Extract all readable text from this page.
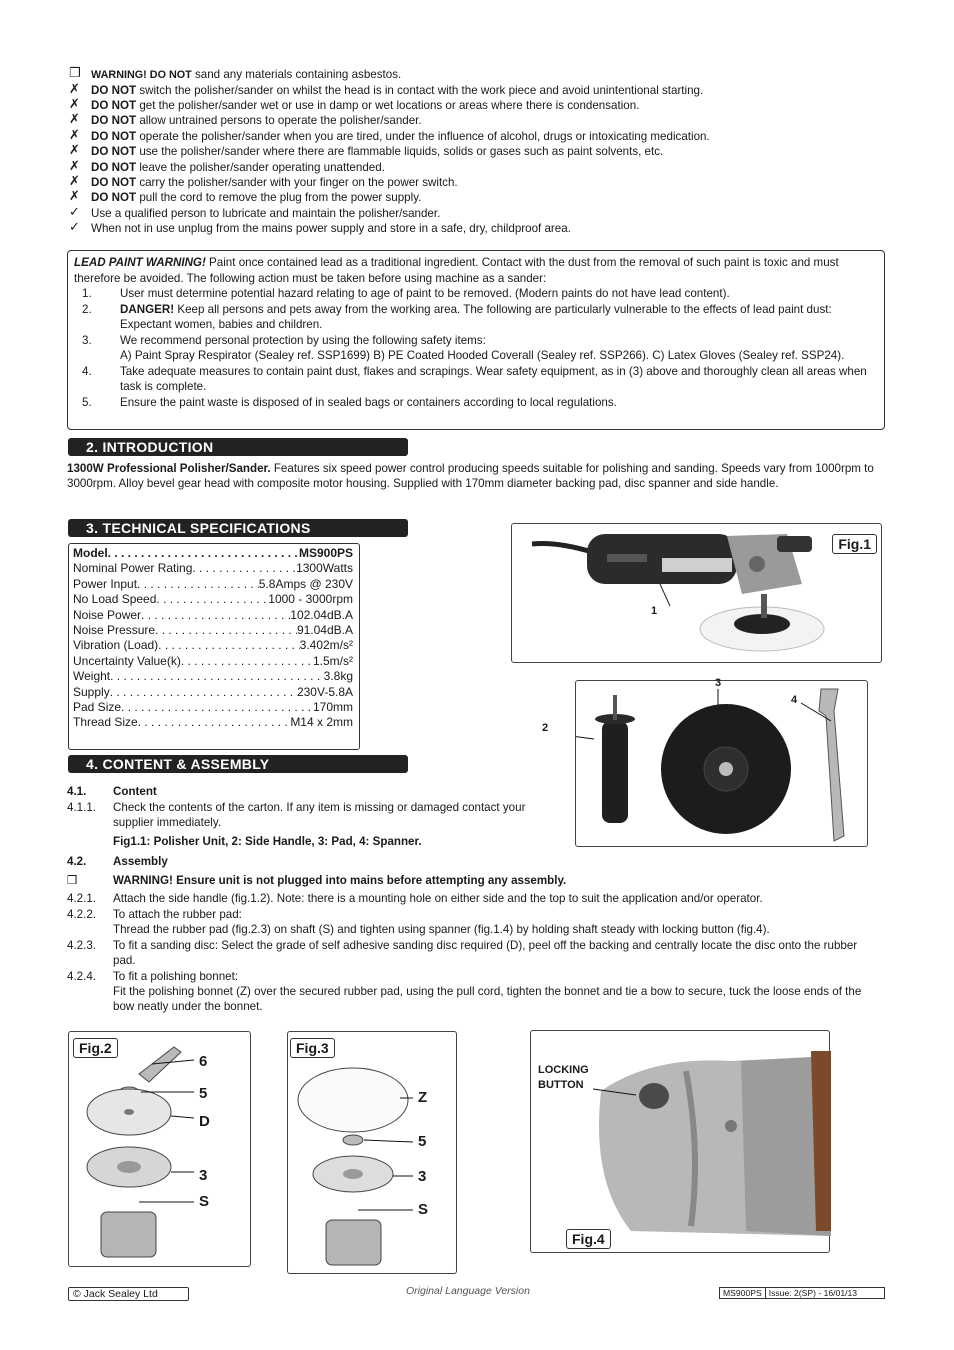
❒ WARNING! DO NOT sand any materials containing asbestos.
✗ DO NOT switch the polisher/sander on whilst the head is in contact with the work piece and avoid unintentional starting.
✗ DO NOT get the polisher/sander wet or use in damp or wet locations or areas where there is condensation.
✗ DO NOT allow untrained persons to operate the polisher/sander.
✗ DO NOT operate the polisher/sander when you are tired, under the influence of alcohol, drugs or intoxicating medication.
✗ DO NOT use the polisher/sander where there are flammable liquids, solids or gases such as paint solvents, etc.
✗ DO NOT leave the polisher/sander operating unattended.
✗ DO NOT carry the polisher/sander with your finger on the power switch.
✗ DO NOT pull the cord to remove the plug from the power supply.
✓ Use a qualified person to lubricate and maintain the polisher/sander.
✓ When not in use unplug from the mains power supply and store in a safe, dry, childproof area.
LEAD PAINT WARNING! Paint once contained lead as a traditional ingredient. Contact with the dust from the removal of such paint is toxic and must therefore be avoided. The following action must be taken before using machine as a sander:
1.	User must determine potential hazard relating to age of paint to be removed. (Modern paints do not have lead content).
2.	DANGER! Keep all persons and pets away from the working area. The following are particularly vulnerable to the effects of lead paint dust: Expectant women, babies and children.
3.	We recommend personal protection by using the following safety items:
A) Paint Spray Respirator (Sealey ref. SSP1699) B) PE Coated Hooded Coverall (Sealey ref. SSP266). C) Latex Gloves (Sealey ref. SSP24).
4.	Take adequate measures to contain paint dust, flakes and scrapings. Wear safety equipment, as in (3) above and thoroughly clean all areas when task is complete.
5.	Ensure the paint waste is disposed of in sealed bags or containers according to local regulations.
2. INTRODUCTION
1300W Professional Polisher/Sander. Features six speed power control producing speeds suitable for polishing and sanding. Speeds vary from 1000rpm to 3000rpm. Alloy bevel gear head with composite motor housing. Supplied with 170mm diameter backing pad, disc spanner and side handle.
3. TECHNICAL SPECIFICATIONS
Model . . .	MS900PS
Nominal Power Rating . . .	1300Watts
Power Input . . .	5.8Amps @ 230V
No Load Speed . . .	1000 - 3000rpm
Noise Power . . .	102.04dB.A
Noise Pressure . . .	91.04dB.A
Vibration (Load) . . .	3.402m/s²
Uncertainty Value(k) . . .	1.5m/s²
Weight . . .	3.8kg
Supply . . .	230V-5.8A
Pad Size . . .	170mm
Thread Size . . .	M14 x 2mm
4. CONTENT & ASSEMBLY
Fig.1
1
3
4
2
4.1.	Content
4.1.1.	Check the contents of the carton. If any item is missing or damaged contact your supplier immediately.
Fig1.1: Polisher Unit, 2: Side Handle, 3: Pad, 4: Spanner.
4.2.	Assembly
❒	WARNING! Ensure unit is not plugged into mains before attempting any assembly.
4.2.1.	Attach the side handle (fig.1.2). Note: there is a mounting hole on either side and the top to suit the application and/or operator.
4.2.2.	To attach the rubber pad:
Thread the rubber pad (fig.2.3) on shaft (S) and tighten using spanner (fig.1.4) by holding shaft steady with locking button (fig.4).
4.2.3.	To fit a sanding disc: Select the grade of self adhesive sanding disc required (D), peel off the backing and centrally locate the disc onto the rubber pad.
4.2.4.	To fit a polishing bonnet:
Fit the polishing bonnet (Z) over the secured rubber pad, using the pull cord, tighten the bonnet and tie a bow to secure, tuck the loose ends of the bow neatly under the bonnet.
Fig.2
6
5
D
3
S
Fig.3
Z
5
3
S
LOCKING
BUTTON
Fig.4
© Jack Sealey Ltd	Original Language Version	MS900PS Issue: 2(SP) - 16/01/13
